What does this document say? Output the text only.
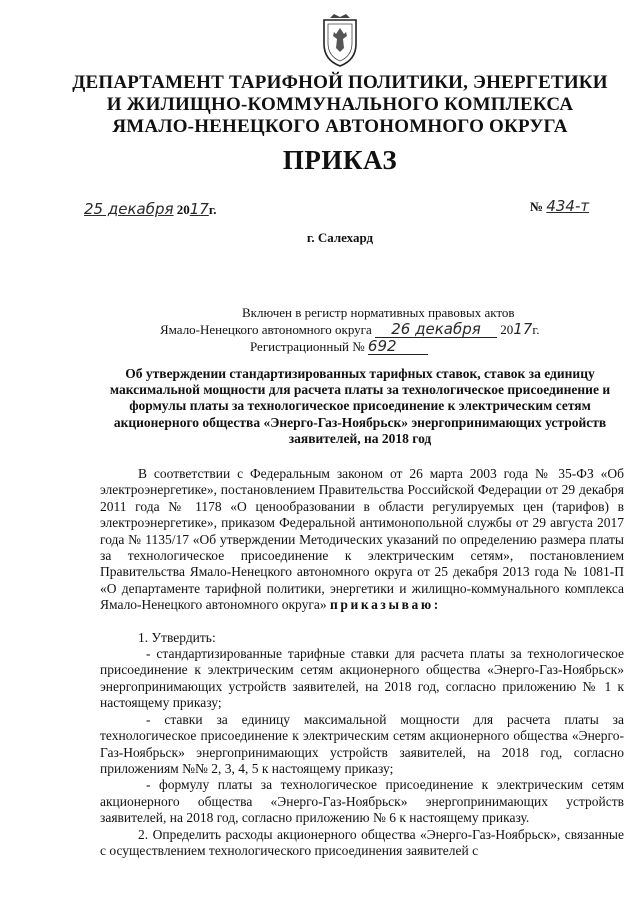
ДЕПАРТАМЕНТ ТАРИФНОЙ ПОЛИТИКИ, ЭНЕРГЕТИКИ
И ЖИЛИЩНО-КОММУНАЛЬНОГО КОМПЛЕКСА
ЯМАЛО-НЕНЕЦКОГО АВТОНОМНОГО ОКРУГА
ПРИКАЗ
25 декабря 2017г.	№ 434-т
г. Салехард
Включен в регистр нормативных правовых актов
Ямало-Ненецкого автономного округа 26 декабря 2017г.
Регистрационный № 692
Об утверждении стандартизированных тарифных ставок, ставок за единицу максимальной мощности для расчета платы за технологическое присоединение и формулы платы за технологическое присоединение к электрическим сетям акционерного общества «Энерго-Газ-Ноябрьск» энергопринимающих устройств заявителей, на 2018 год

В соответствии с Федеральным законом от 26 марта 2003 года № 35-ФЗ «Об электроэнергетике», постановлением Правительства Российской Федерации от 29 декабря 2011 года № 1178 «О ценообразовании в области регулируемых цен (тарифов) в электроэнергетике», приказом Федеральной антимонопольной службы от 29 августа 2017 года № 1135/17 «Об утверждении Методических указаний по определению размера платы за технологическое присоединение к электрическим сетям», постановлением Правительства Ямало-Ненецкого автономного округа от 25 декабря 2013 года № 1081-П «О департаменте тарифной политики, энергетики и жилищно-коммунального комплекса Ямало-Ненецкого автономного округа» приказываю:

1. Утвердить:

- стандартизированные тарифные ставки для расчета платы за технологическое присоединение к электрическим сетям акционерного общества «Энерго-Газ-Ноябрьск» энергопринимающих устройств заявителей, на 2018 год, согласно приложению № 1 к настоящему приказу;

- ставки за единицу максимальной мощности для расчета платы за технологическое присоединение к электрическим сетям акционерного общества «Энерго-Газ-Ноябрьск» энергопринимающих устройств заявителей, на 2018 год, согласно приложениям №№ 2, 3, 4, 5 к настоящему приказу;

- формулу платы за технологическое присоединение к электрическим сетям акционерного общества «Энерго-Газ-Ноябрьск» энергопринимающих устройств заявителей, на 2018 год, согласно приложению № 6 к настоящему приказу.

2. Определить расходы акционерного общества «Энерго-Газ-Ноябрьск», связанные с осуществлением технологического присоединения заявителей с
